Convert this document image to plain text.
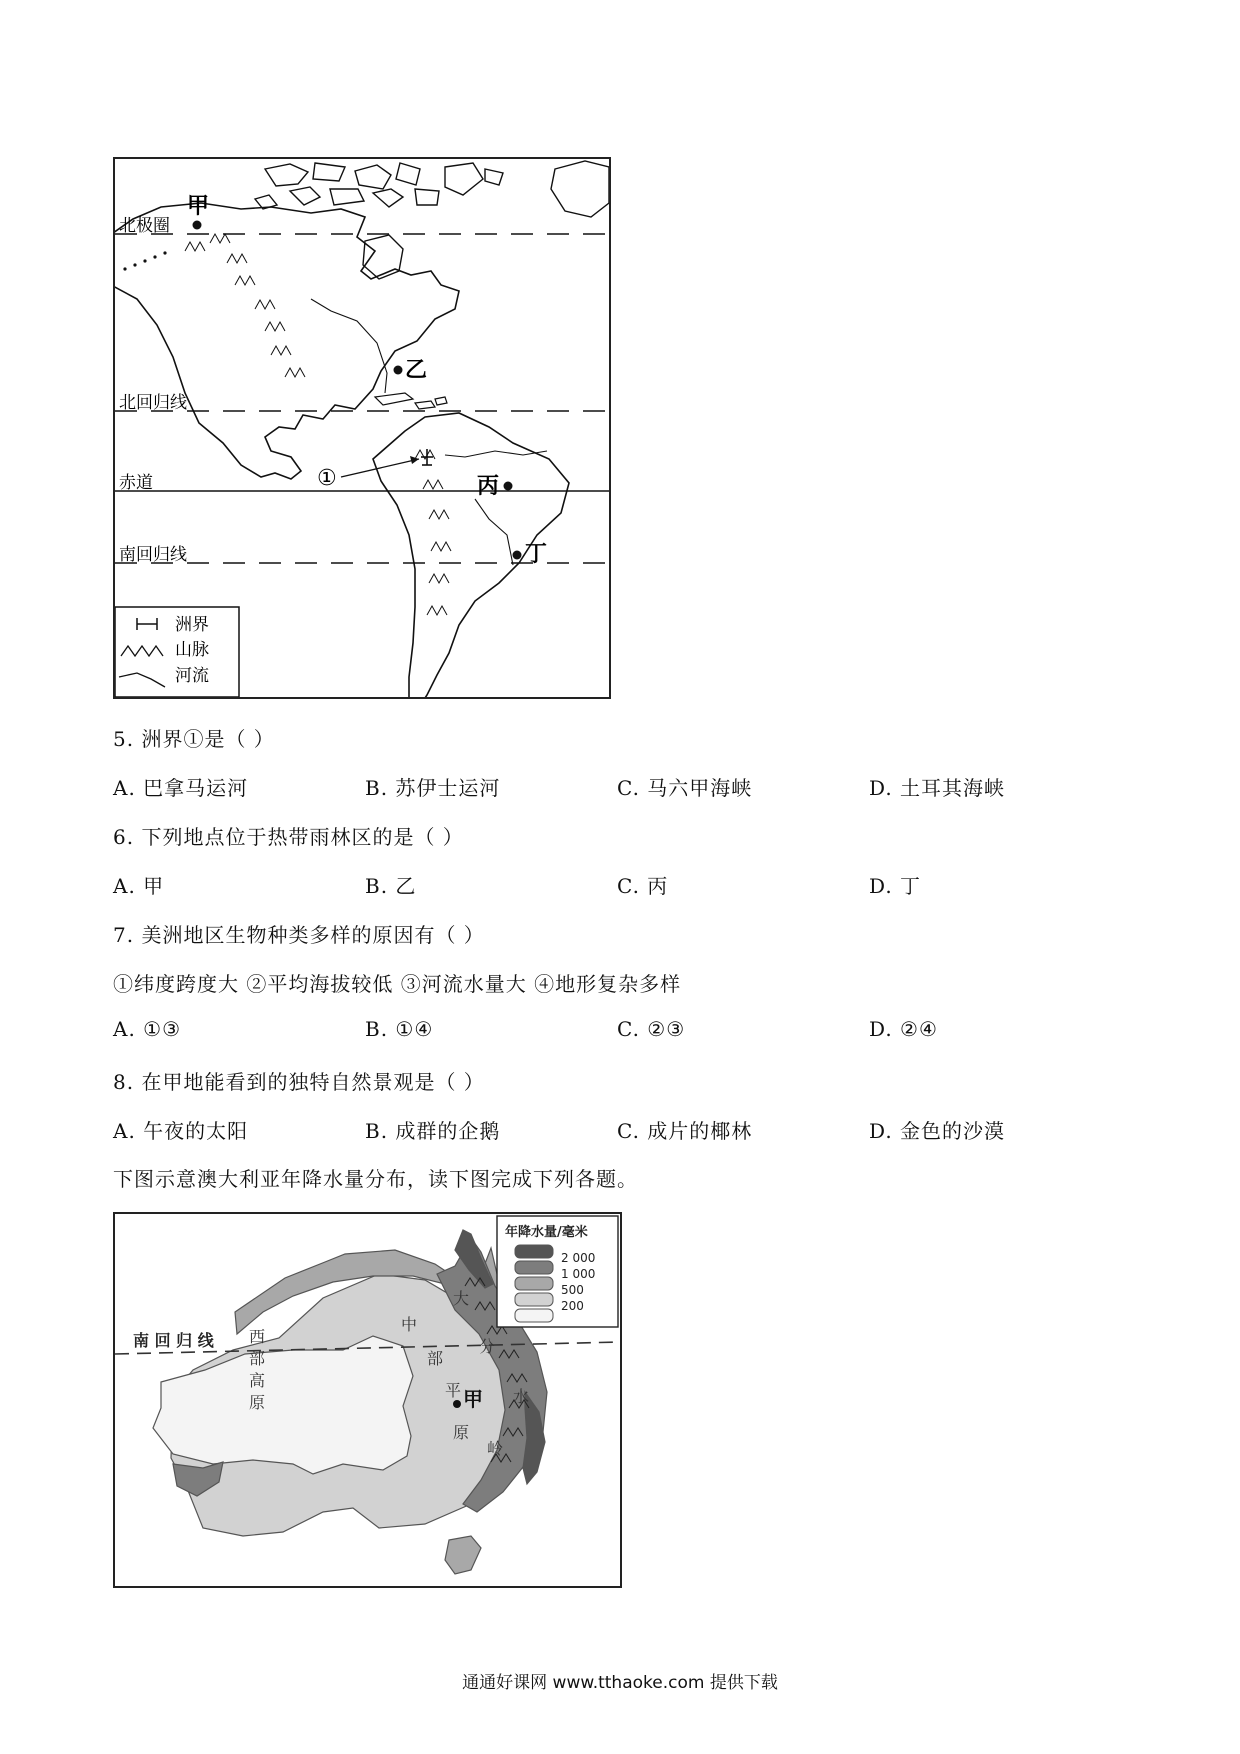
北极圈
北回归线
赤道
南回归线
甲
乙
丙
丁
①
洲界
山脉
河流
5. 洲界①是（ ）
A. 巴拿马运河	B. 苏伊士运河	C. 马六甲海峡	D. 土耳其海峡
6. 下列地点位于热带雨林区的是（ ）
A. 甲	B. 乙	C. 丙	D. 丁
7. 美洲地区生物种类多样的原因有（ ）
①纬度跨度大 ②平均海拔较低 ③河流水量大 ④地形复杂多样
A. ①③	B. ①④	C. ②③	D. ②④
8. 在甲地能看到的独特自然景观是（ ）
A. 午夜的太阳	B. 成群的企鹅	C. 成片的椰林	D. 金色的沙漠
下图示意澳大利亚年降水量分布，读下图完成下列各题。
南 回 归 线 西
部
高
原
中
部
平
原
大
分
水
岭
甲
年降水量/毫米
2 000
1 000
500
200
通通好课网 www.tthaoke.com 提供下载
